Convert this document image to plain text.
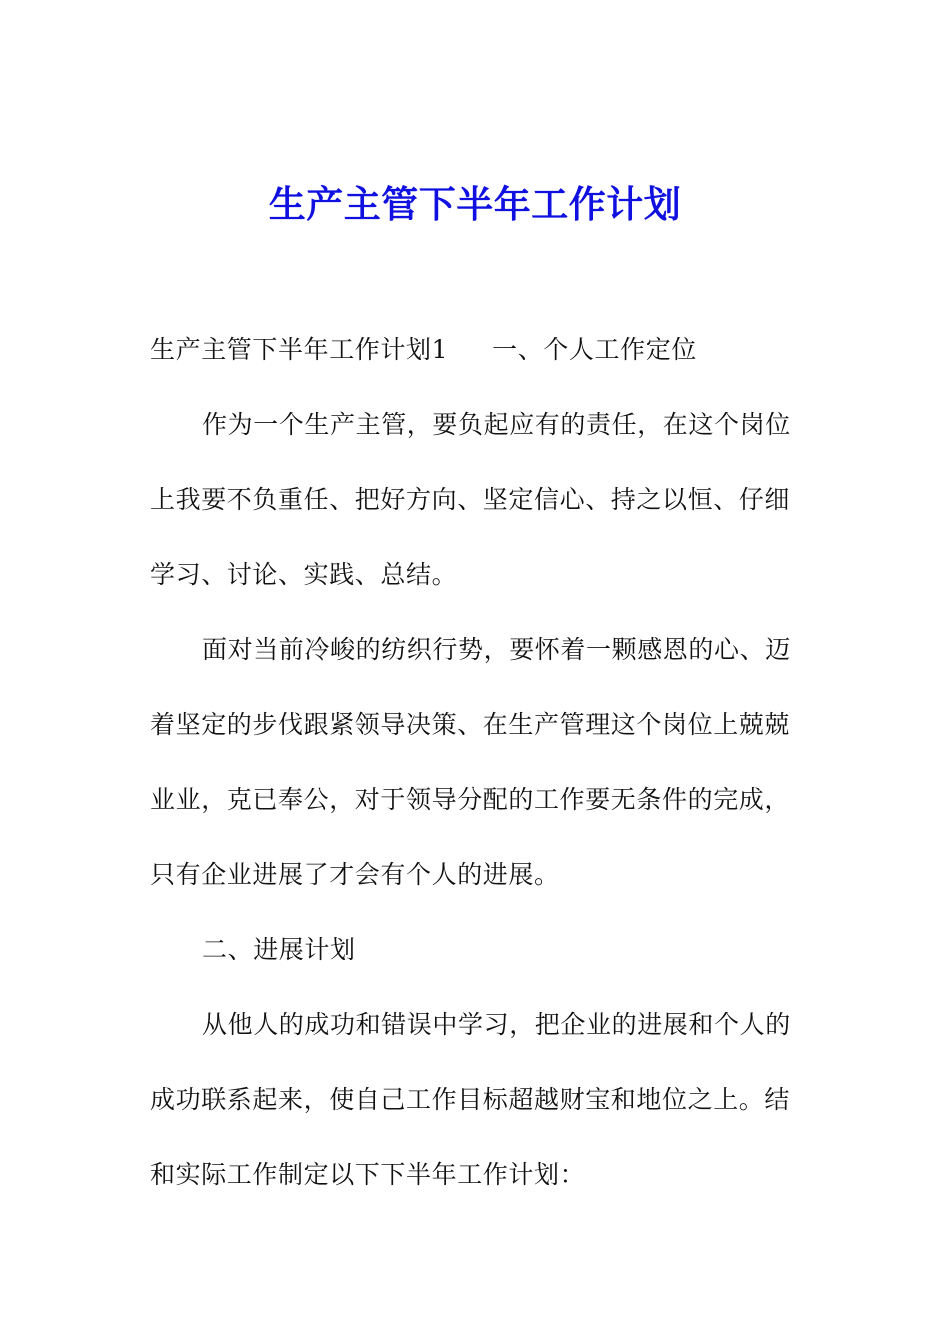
生产主管下半年工作计划
生产主管下半年工作计划1 一、个人工作定位
作为一个生产主管，要负起应有的责任，在这个岗位
上我要不负重任、把好方向、坚定信心、持之以恒、仔细
学习、讨论、实践、总结。
面对当前冷峻的纺织行势，要怀着一颗感恩的心、迈
着坚定的步伐跟紧领导决策、在生产管理这个岗位上兢兢
业业，克已奉公，对于领导分配的工作要无条件的完成，
只有企业进展了才会有个人的进展。
二、进展计划
从他人的成功和错误中学习，把企业的进展和个人的
成功联系起来，使自己工作目标超越财宝和地位之上。结
和实际工作制定以下下半年工作计划：
